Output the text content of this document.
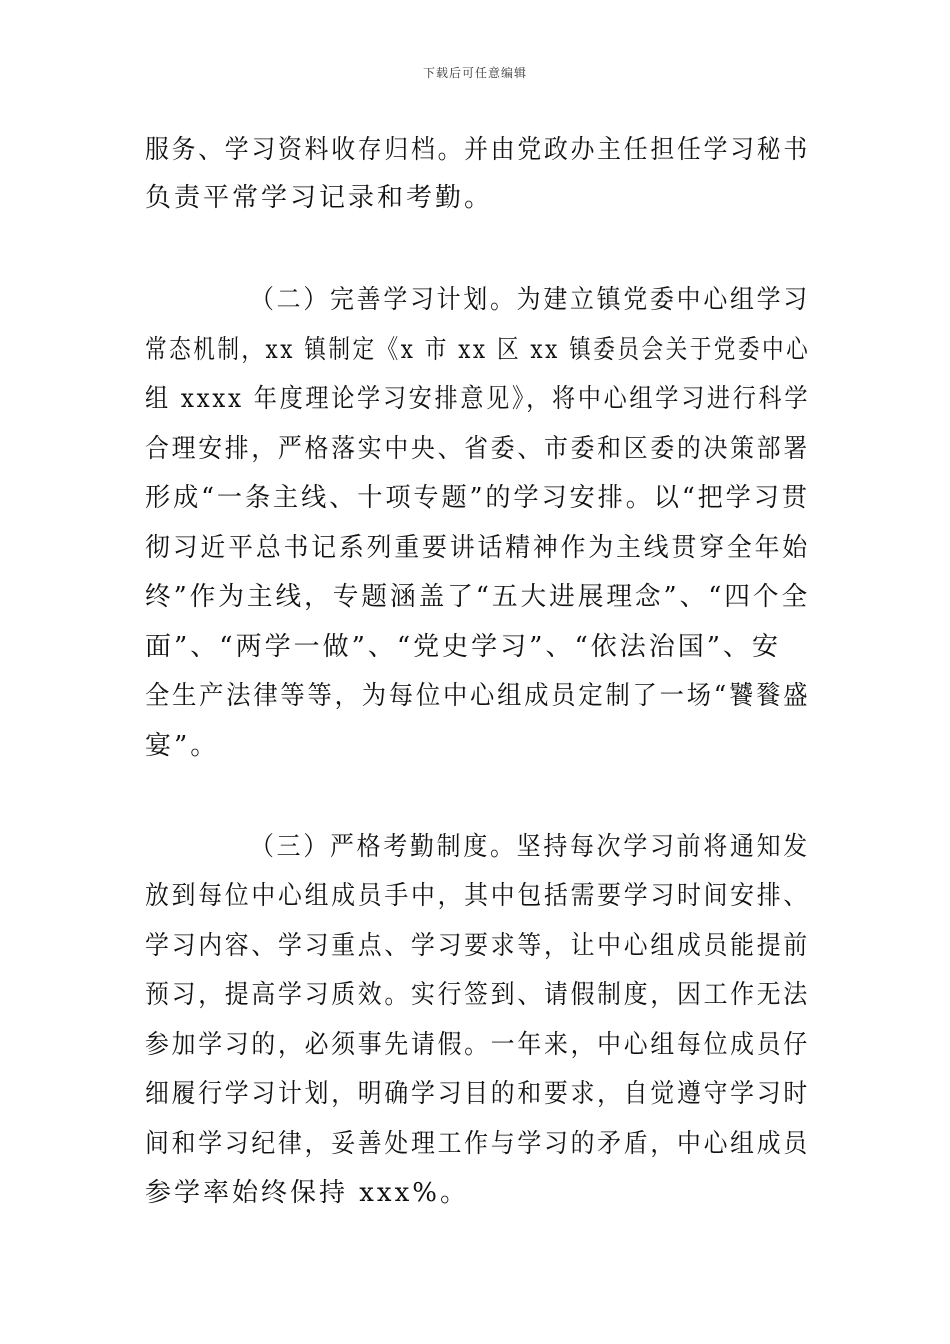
下载后可任意编辑
服务、学习资料收存归档。并由党政办主任担任学习秘书
负责平常学习记录和考勤。
（二）完善学习计划。为建立镇党委中心组学习
常态机制，xx 镇制定《x 市 xx 区 xx 镇委员会关于党委中心
组 xxxx 年度理论学习安排意见》，将中心组学习进行科学
合理安排，严格落实中央、省委、市委和区委的决策部署
形成“一条主线、十项专题”的学习安排。以“把学习贯
彻习近平总书记系列重要讲话精神作为主线贯穿全年始
终”作为主线，专题涵盖了“五大进展理念”、“四个全
面”、“两学一做”、“党史学习”、“依法治国”、安
全生产法律等等，为每位中心组成员定制了一场“饕餮盛
宴”。
（三）严格考勤制度。坚持每次学习前将通知发
放到每位中心组成员手中，其中包括需要学习时间安排、
学习内容、学习重点、学习要求等，让中心组成员能提前
预习，提高学习质效。实行签到、请假制度，因工作无法
参加学习的，必须事先请假。一年来，中心组每位成员仔
细履行学习计划，明确学习目的和要求，自觉遵守学习时
间和学习纪律，妥善处理工作与学习的矛盾，中心组成员
参学率始终保持 xxx%。
